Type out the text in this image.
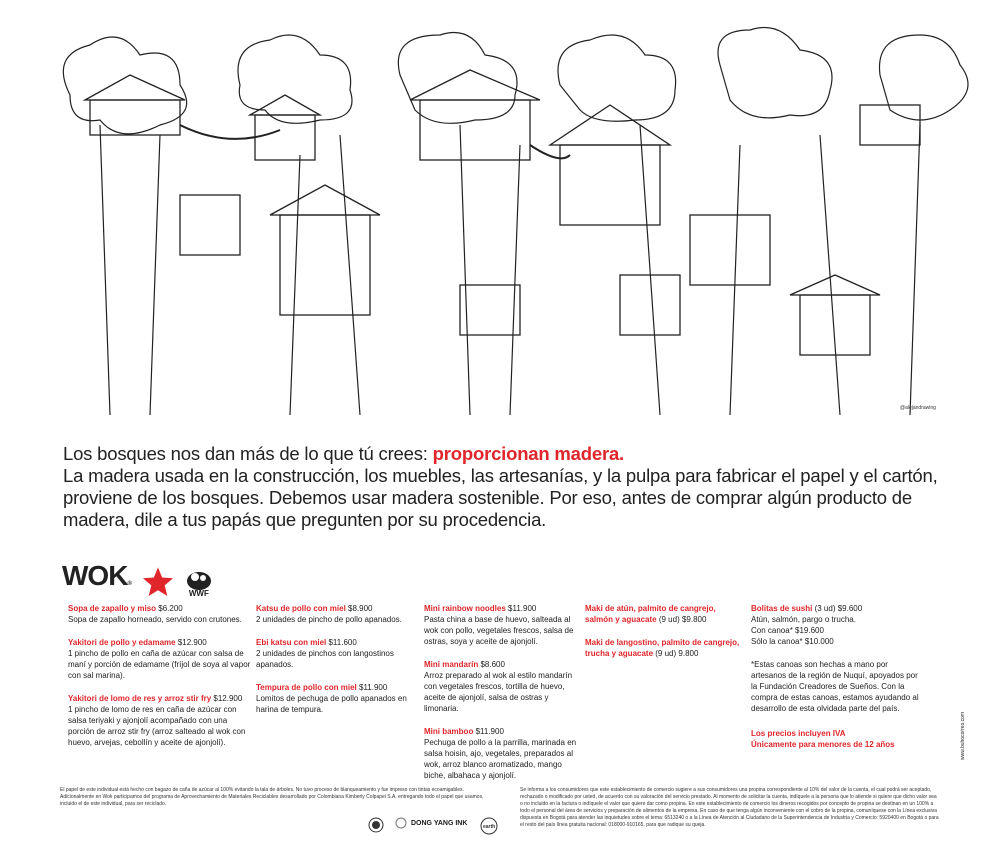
@alejandrawing
Los bosques nos dan más de lo que tú crees: proporcionan madera.
La madera usada en la construcción, los muebles, las artesanías, y la pulpa para fabricar el papel y el cartón, proviene de los bosques. Debemos usar madera sostenible. Por eso, antes de comprar algún producto de madera, dile a tus papás que pregunten por su procedencia.
WOK®
WWF
Sopa de zapallo y miso $6.200
Sopa de zapallo horneado, servido con crutones.
Yakitori de pollo y edamame $12.900
1 pincho de pollo en caña de azúcar con salsa de maní y porción de edamame (fríjol de soya al vapor con sal marina).
Yakitori de lomo de res y arroz stir fry $12.900
1 pincho de lomo de res en caña de azúcar con salsa teriyaki y ajonjolí acompañado con una porción de arroz stir fry (arroz salteado al wok con huevo, arvejas, cebollín y aceite de ajonjolí).
Katsu de pollo con miel $8.900
2 unidades de pincho de pollo apanados.
Ebi katsu con miel $11.600
2 unidades de pinchos con langostinos apanados.
Tempura de pollo con miel $11.900
Lomitos de pechuga de pollo apanados en harina de tempura.
Mini rainbow noodles $11.900
Pasta china a base de huevo, salteada al wok con pollo, vegetales frescos, salsa de ostras, soya y aceite de ajonjolí.
Mini mandarín $8.600
Arroz preparado al wok al estilo mandarín con vegetales frescos, tortilla de huevo, aceite de ajonjolí, salsa de ostras y limonaria.
Mini bamboo $11.900
Pechuga de pollo a la parrilla, marinada en salsa hoisin, ajo, vegetales, preparados al wok, arroz blanco aromatizado, mango biche, albahaca y ajonjolí.
Maki de atún, palmito de cangrejo, salmón y aguacate (9 ud) $9.800
Maki de langostino, palmito de cangrejo, trucha y aguacate (9 ud) 9.800
Bolitas de sushi (3 ud) $9.600
Atún, salmón, pargo o trucha.
Con canoa* $19.600
Sólo la canoa* $10.000
*Estas canoas son hechas a mano por artesanos de la región de Nuquí, apoyados por la Fundación Creadores de Sueños. Con la compra de estas canoas, estamos ayudando al desarrollo de esta olvidada parte del país.
Los precios incluyen IVA
Únicamente para menores de 12 años
El papel de este individual está hecho con bagazo de caña de azúcar al 100% evitando la tala de árboles. No tuvo proceso de blanqueamiento y fue impreso con tintas ecoamigables. Adicionalmente en Wok participamos del programa de Aprovechamiento de Materiales Reciclables desarrollado por Colombiana Kimberly Colpapel S.A. entregando todo el papel que usamos, incluido el de este individual, para ser reciclado.
DONG YANG INK
earth
Se informa a los consumidores que este establecimiento de comercio sugiere a sus consumidores una propina correspondiente al 10% del valor de la cuenta, el cual podrá ser aceptado, rechazado o modificado por usted, de acuerdo con su valoración del servicio prestado. Al momento de solicitar la cuenta, indíquele a la persona que lo atiende si quiere que dicho valor sea o no incluido en la factura o indíquele el valor que quiere dar como propina. En este establecimiento de comercio los dineros recogidos por concepto de propina se destinan en un 100% a todo el personal del área de servicios y preparación de alimentos de la empresa. En caso de que tenga algún inconveniente con el cobro de la propina, comuníquese con la Línea exclusiva dispuesta en Bogotá para atender las inquietudes sobre el tema: 6513240 o a la Línea de Atención al Ciudadano de la Superintendencia de Industria y Comercio: 5920400 en Bogotá o para el resto del país línea gratuita nacional: 018000-910165, para que radique su queja.
www.buhocorreo.com
